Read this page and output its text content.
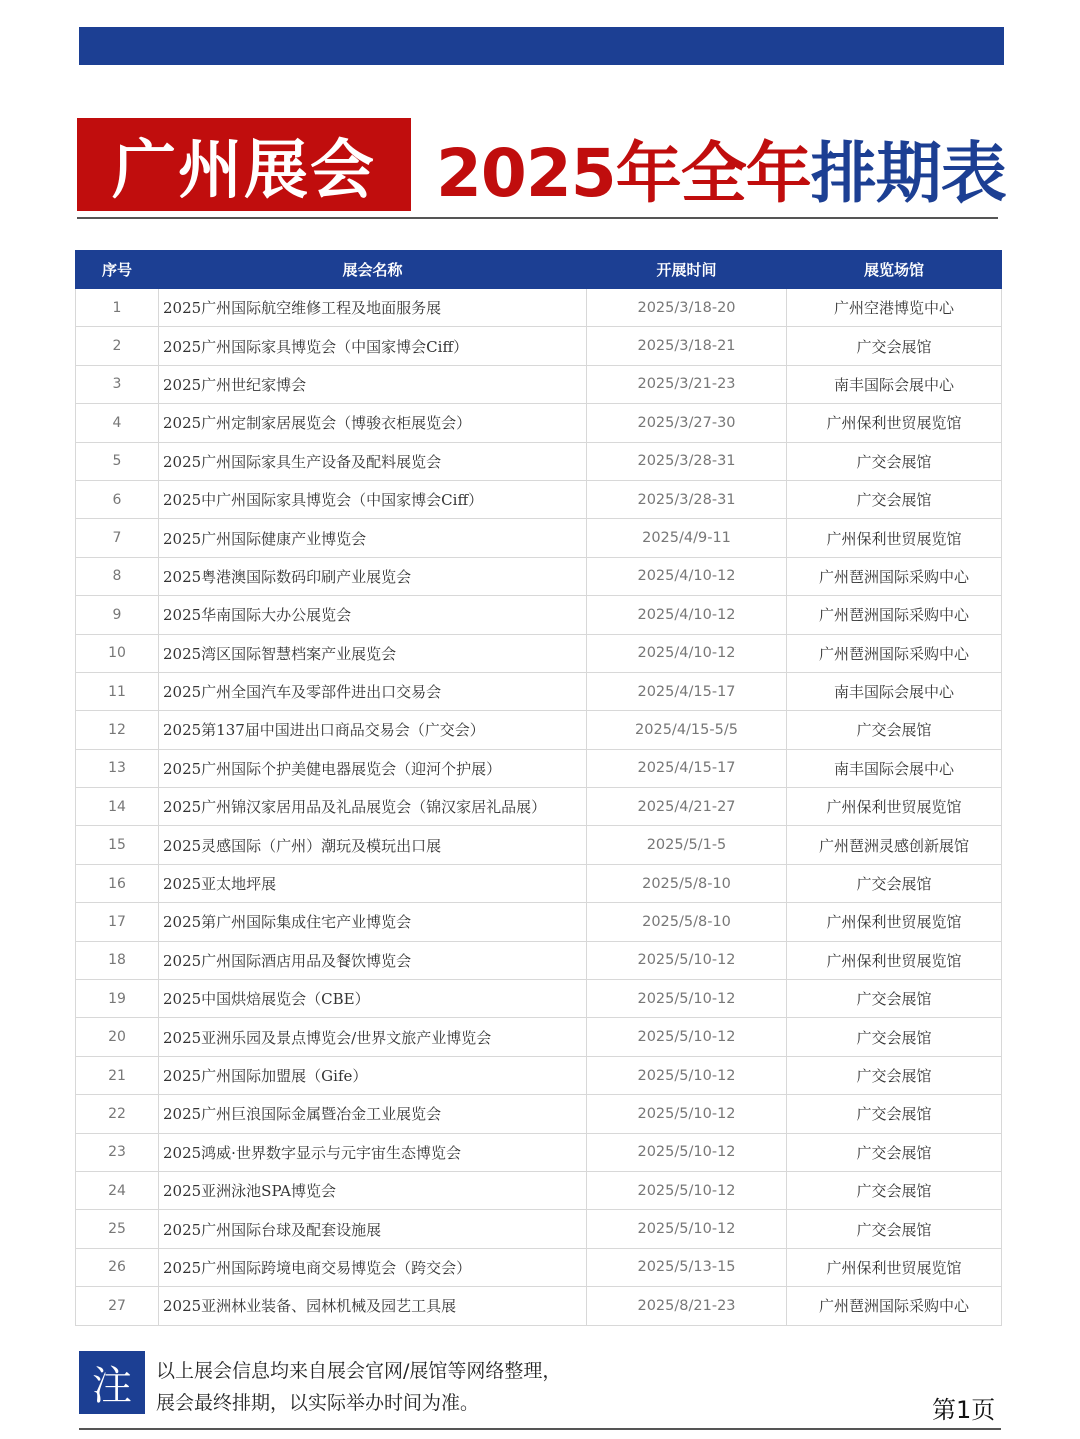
广州展会 2025年全年 排期表
序号	展会名称	开展时间	展览场馆
1	2025广州国际航空维修工程及地面服务展	2025/3/18-20	广州空港博览中心
2	2025广州国际家具博览会（中国家博会Ciff）	2025/3/18-21	广交会展馆
3	2025广州世纪家博会	2025/3/21-23	南丰国际会展中心
4	2025广州定制家居展览会（博骏衣柜展览会）	2025/3/27-30	广州保利世贸展览馆
5	2025广州国际家具生产设备及配料展览会	2025/3/28-31	广交会展馆
6	2025中广州国际家具博览会（中国家博会Ciff）	2025/3/28-31	广交会展馆
7	2025广州国际健康产业博览会	2025/4/9-11	广州保利世贸展览馆
8	2025粤港澳国际数码印刷产业展览会	2025/4/10-12	广州琶洲国际采购中心
9	2025华南国际大办公展览会	2025/4/10-12	广州琶洲国际采购中心
10	2025湾区国际智慧档案产业展览会	2025/4/10-12	广州琶洲国际采购中心
11	2025广州全国汽车及零部件进出口交易会	2025/4/15-17	南丰国际会展中心
12	2025第137届中国进出口商品交易会（广交会）	2025/4/15-5/5	广交会展馆
13	2025广州国际个护美健电器展览会（迎河个护展）	2025/4/15-17	南丰国际会展中心
14	2025广州锦汉家居用品及礼品展览会（锦汉家居礼品展）	2025/4/21-27	广州保利世贸展览馆
15	2025灵感国际（广州）潮玩及模玩出口展	2025/5/1-5	广州琶洲灵感创新展馆
16	2025亚太地坪展	2025/5/8-10	广交会展馆
17	2025第广州国际集成住宅产业博览会	2025/5/8-10	广州保利世贸展览馆
18	2025广州国际酒店用品及餐饮博览会	2025/5/10-12	广州保利世贸展览馆
19	2025中国烘焙展览会（CBE）	2025/5/10-12	广交会展馆
20	2025亚洲乐园及景点博览会/世界文旅产业博览会	2025/5/10-12	广交会展馆
21	2025广州国际加盟展（Gife）	2025/5/10-12	广交会展馆
22	2025广州巨浪国际金属暨冶金工业展览会	2025/5/10-12	广交会展馆
23	2025鸿威·世界数字显示与元宇宙生态博览会	2025/5/10-12	广交会展馆
24	2025亚洲泳池SPA博览会	2025/5/10-12	广交会展馆
25	2025广州国际台球及配套设施展	2025/5/10-12	广交会展馆
26	2025广州国际跨境电商交易博览会（跨交会）	2025/5/13-15	广州保利世贸展览馆
27	2025亚洲林业装备、园林机械及园艺工具展	2025/8/21-23	广州琶洲国际采购中心
注 以上展会信息均来自展会官网/展馆等网络整理，
展会最终排期，以实际举办时间为准。	第1页
